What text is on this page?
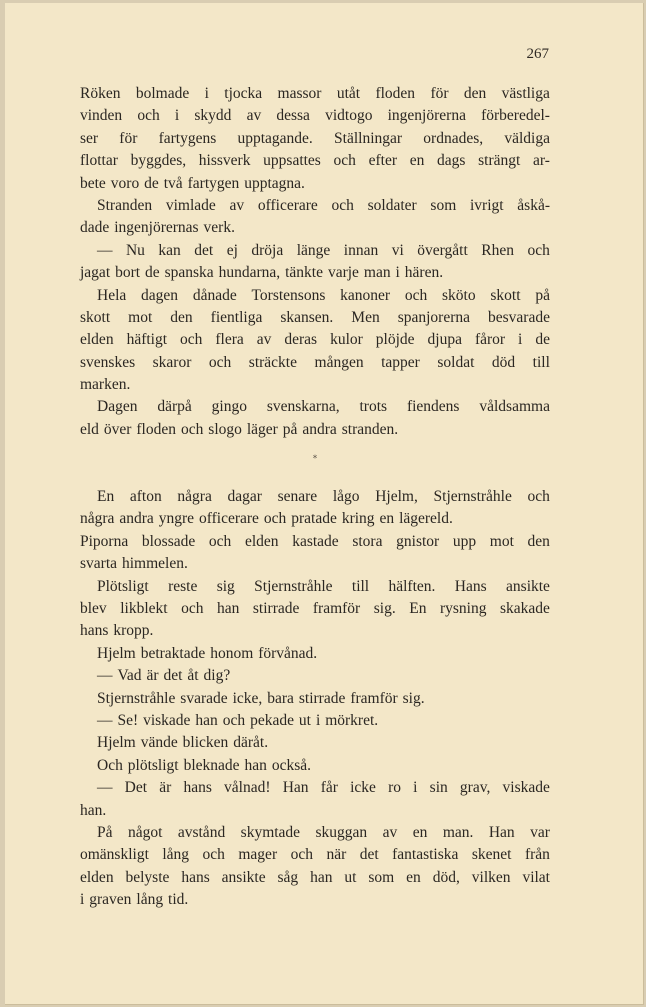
267
Röken bolmade i tjocka massor utåt floden för den västliga
vinden och i skydd av dessa vidtogo ingenjörerna förberedel-
ser för fartygens upptagande. Ställningar ordnades, väldiga
flottar byggdes, hissverk uppsattes och efter en dags strängt ar-
bete voro de två fartygen upptagna.
Stranden vimlade av officerare och soldater som ivrigt åskå-
dade ingenjörernas verk.
— Nu kan det ej dröja länge innan vi övergått Rhen och
jagat bort de spanska hundarna, tänkte varje man i hären.
Hela dagen dånade Torstensons kanoner och sköto skott på
skott mot den fientliga skansen. Men spanjorerna besvarade
elden häftigt och flera av deras kulor plöjde djupa fåror i de
svenskes skaror och sträckte mången tapper soldat död till
marken.
Dagen därpå gingo svenskarna, trots fiendens våldsamma
eld över floden och slogo läger på andra stranden.
*
En afton några dagar senare lågo Hjelm, Stjernstråhle och
några andra yngre officerare och pratade kring en lägereld.
Piporna blossade och elden kastade stora gnistor upp mot den
svarta himmelen.
Plötsligt reste sig Stjernstråhle till hälften. Hans ansikte
blev likblekt och han stirrade framför sig. En rysning skakade
hans kropp.
Hjelm betraktade honom förvånad.
— Vad är det åt dig?
Stjernstråhle svarade icke, bara stirrade framför sig.
— Se! viskade han och pekade ut i mörkret.
Hjelm vände blicken däråt.
Och plötsligt bleknade han också.
— Det är hans vålnad! Han får icke ro i sin grav, viskade
han.
På något avstånd skymtade skuggan av en man. Han var
omänskligt lång och mager och när det fantastiska skenet från
elden belyste hans ansikte såg han ut som en död, vilken vilat
i graven lång tid.
